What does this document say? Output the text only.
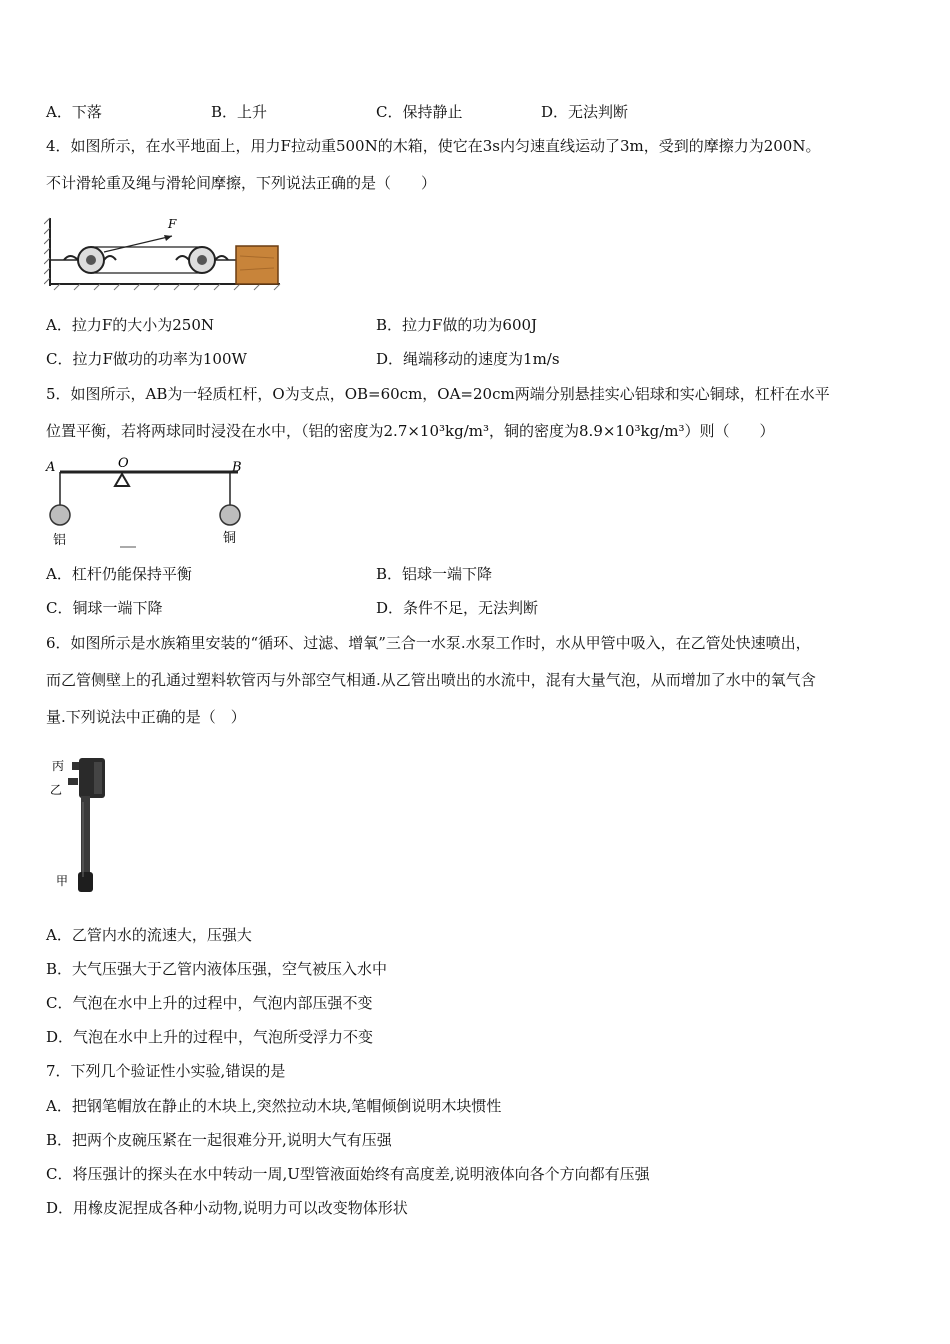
A．下落	B．上升	C．保持静止	D．无法判断
4．如图所示，在水平地面上，用力F拉动重500N的木箱，使它在3s内匀速直线运动了3m，受到的摩擦力为200N。
不计滑轮重及绳与滑轮间摩擦，下列说法正确的是（　　）
F
A．拉力F的大小为250N	B．拉力F做的功为600J
C．拉力F做功的功率为100W	D．绳端移动的速度为1m/s
5．如图所示，AB为一轻质杠杆，O为支点，OB=60cm，OA=20cm两端分别悬挂实心铝球和实心铜球，杠杆在水平
位置平衡，若将两球同时浸没在水中，（铝的密度为2.7×10³kg/m³，铜的密度为8.9×10³kg/m³）则（　　）
A	O	B
铝	铜
A．杠杆仍能保持平衡	B．铝球一端下降
C．铜球一端下降	D．条件不足，无法判断
6．如图所示是水族箱里安装的“循环、过滤、增氧”三合一水泵.水泵工作时，水从甲管中吸入，在乙管处快速喷出，
而乙管侧壁上的孔通过塑料软管丙与外部空气相通.从乙管出喷出的水流中，混有大量气泡，从而增加了水中的氧气含
量.下列说法中正确的是（　）
丙
乙
甲
A．乙管内水的流速大，压强大
B．大气压强大于乙管内液体压强，空气被压入水中
C．气泡在水中上升的过程中，气泡内部压强不变
D．气泡在水中上升的过程中，气泡所受浮力不变
7．下列几个验证性小实验,错误的是
A．把钢笔帽放在静止的木块上,突然拉动木块,笔帽倾倒说明木块惯性
B．把两个皮碗压紧在一起很难分开,说明大气有压强
C．将压强计的探头在水中转动一周,U型管液面始终有高度差,说明液体向各个方向都有压强
D．用橡皮泥捏成各种小动物,说明力可以改变物体形状
